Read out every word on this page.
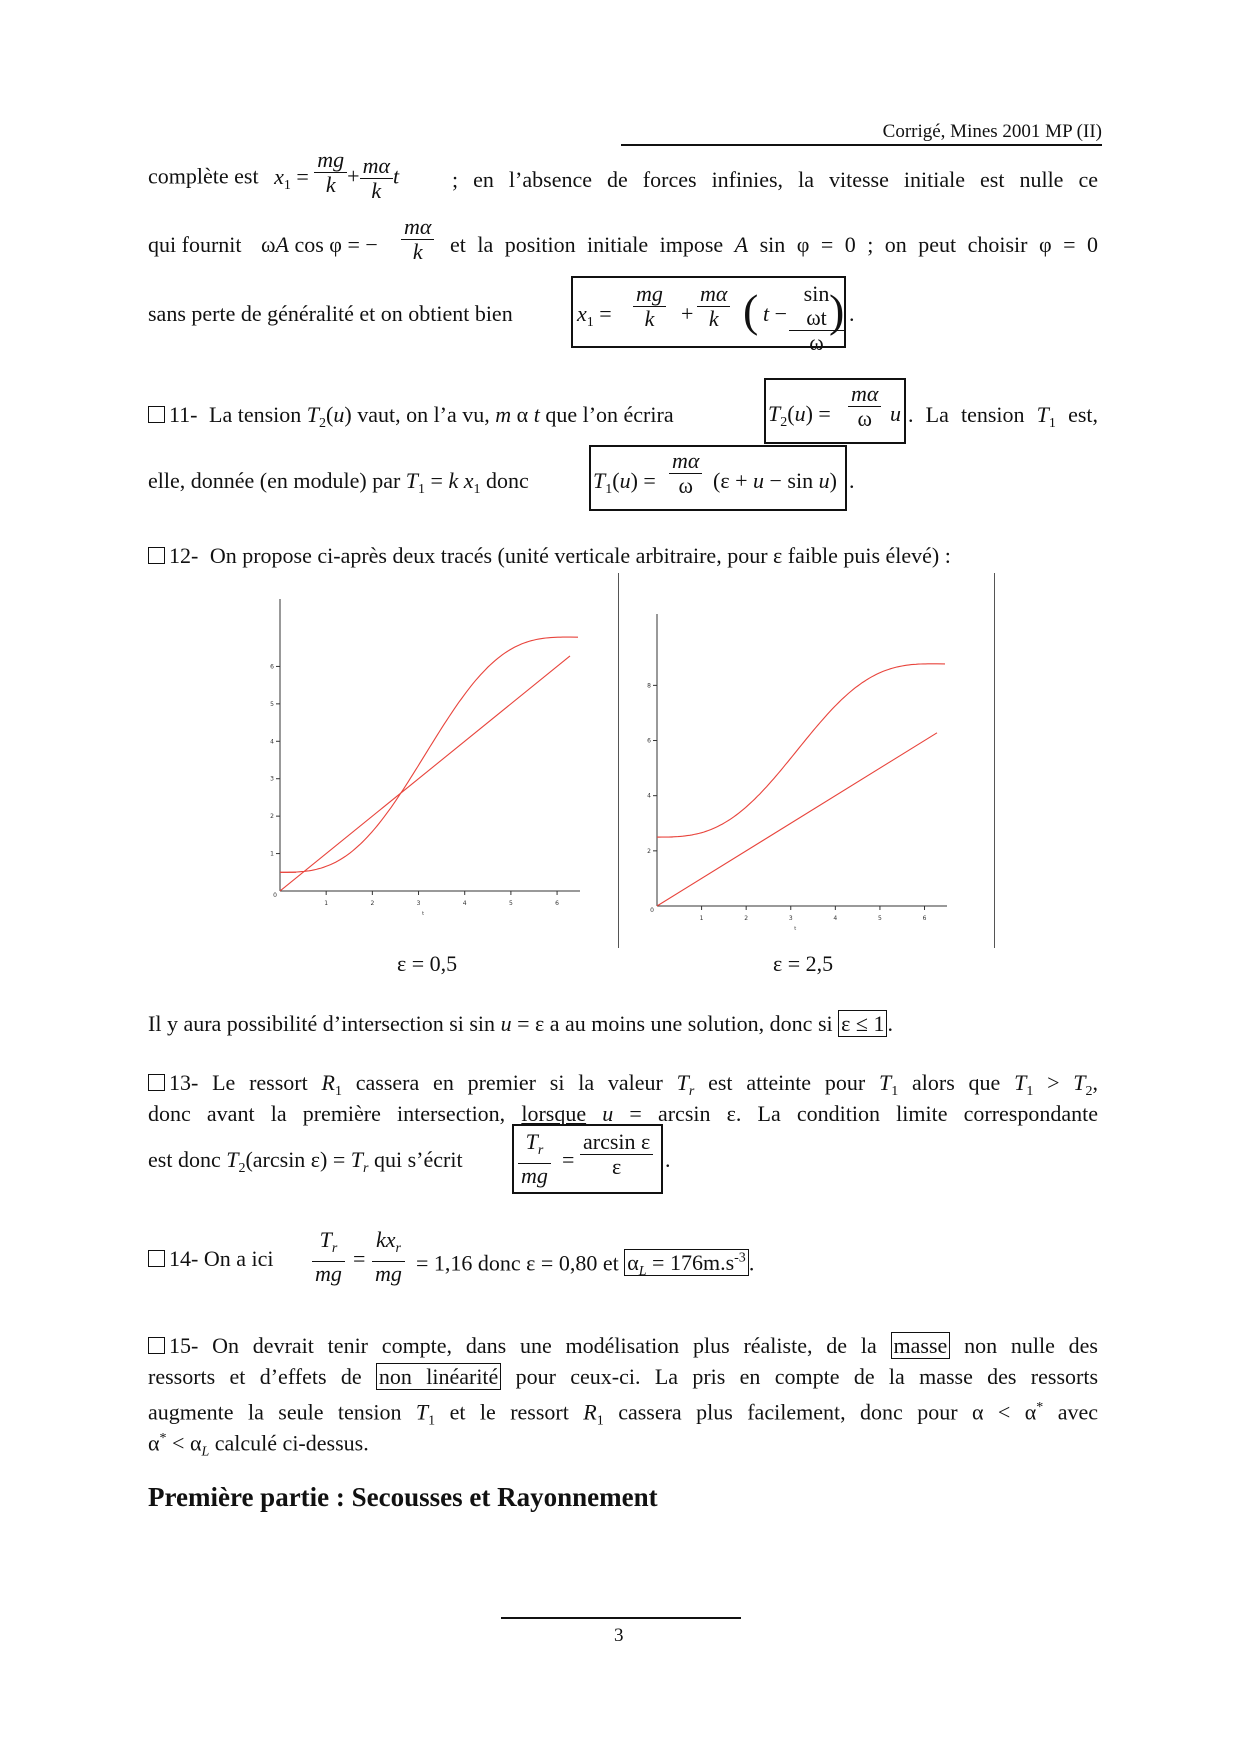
Corrigé, Mines 2001 MP (II)
complète est $x_1 = \frac{mg}{k} + \frac{m\alpha}{k}$ t	; en l’absence de forces infinies, la vitesse initiale est nulle ce
qui fournit ωA cos φ = − $\frac{m\alpha}{k}$ et la position initiale impose A sin φ = 0 ; on peut choisir φ = 0
sans perte de généralité et on obtient bien	$x_1 = \frac{mg}{k} + \frac{m\alpha}{k}$ ( $t - \frac{\text{sin ωt}}{\omega}$
) .
11- La tension $T_2(u)$ vaut, on l’a vu, m α t que l’on écrira	$T_2(u) = \frac{m\alpha}{\omega}$ u . La tension $T_1$ est,
elle, donnée (en module) par $T_1 = k$ $x_1$ donc	$T_1(u) = \frac{m\alpha}{\omega} (\varepsilon + u - \sin u)$ .
12- On propose ci-après deux tracés (unité verticale arbitraire, pour ε faible puis élevé) :
1	2	3	4	5	6
0
t
1
2
3
4
5
6
1	2	3	4	5	6
0
t
2
4
6
8
ε = 0,5	ε = 2,5
Il y aura possibilité d’intersection si sin u = ε a au moins une solution, donc si ε ≤ 1 .
13- Le ressort $R_1$ cassera en premier si la valeur $T_r$ est atteinte pour $T_1$ alors que $T_1 > T_2$,
donc avant la première intersection, lorsque u = arcsin ε. La condition limite correspondante
est donc $T_2(\arcsin$ $\varepsilon) = T_r$ qui s’écrit	$\frac{T_r}{mg} = \frac{\text{arcsin ε}}{\varepsilon}$ .
14- On a ici $\frac{T_r}{mg} = \frac{kx_r}{mg} = 1,16$ donc ε = 0,80 et $\alpha_L = 176m.s^{-3}$ .
15- On devrait tenir compte, dans une modélisation plus réaliste, de la masse non nulle des
ressorts et d’effets de non linéarité pour ceux-ci. La pris en compte de la masse des ressorts
augmente la seule tension $T_1$ et le ressort $R_1$ cassera plus facilement, donc pour α < α* avec
$\alpha^* < \alpha_L$ calculé ci-dessus.
Première partie : Secousses et Rayonnement
3
